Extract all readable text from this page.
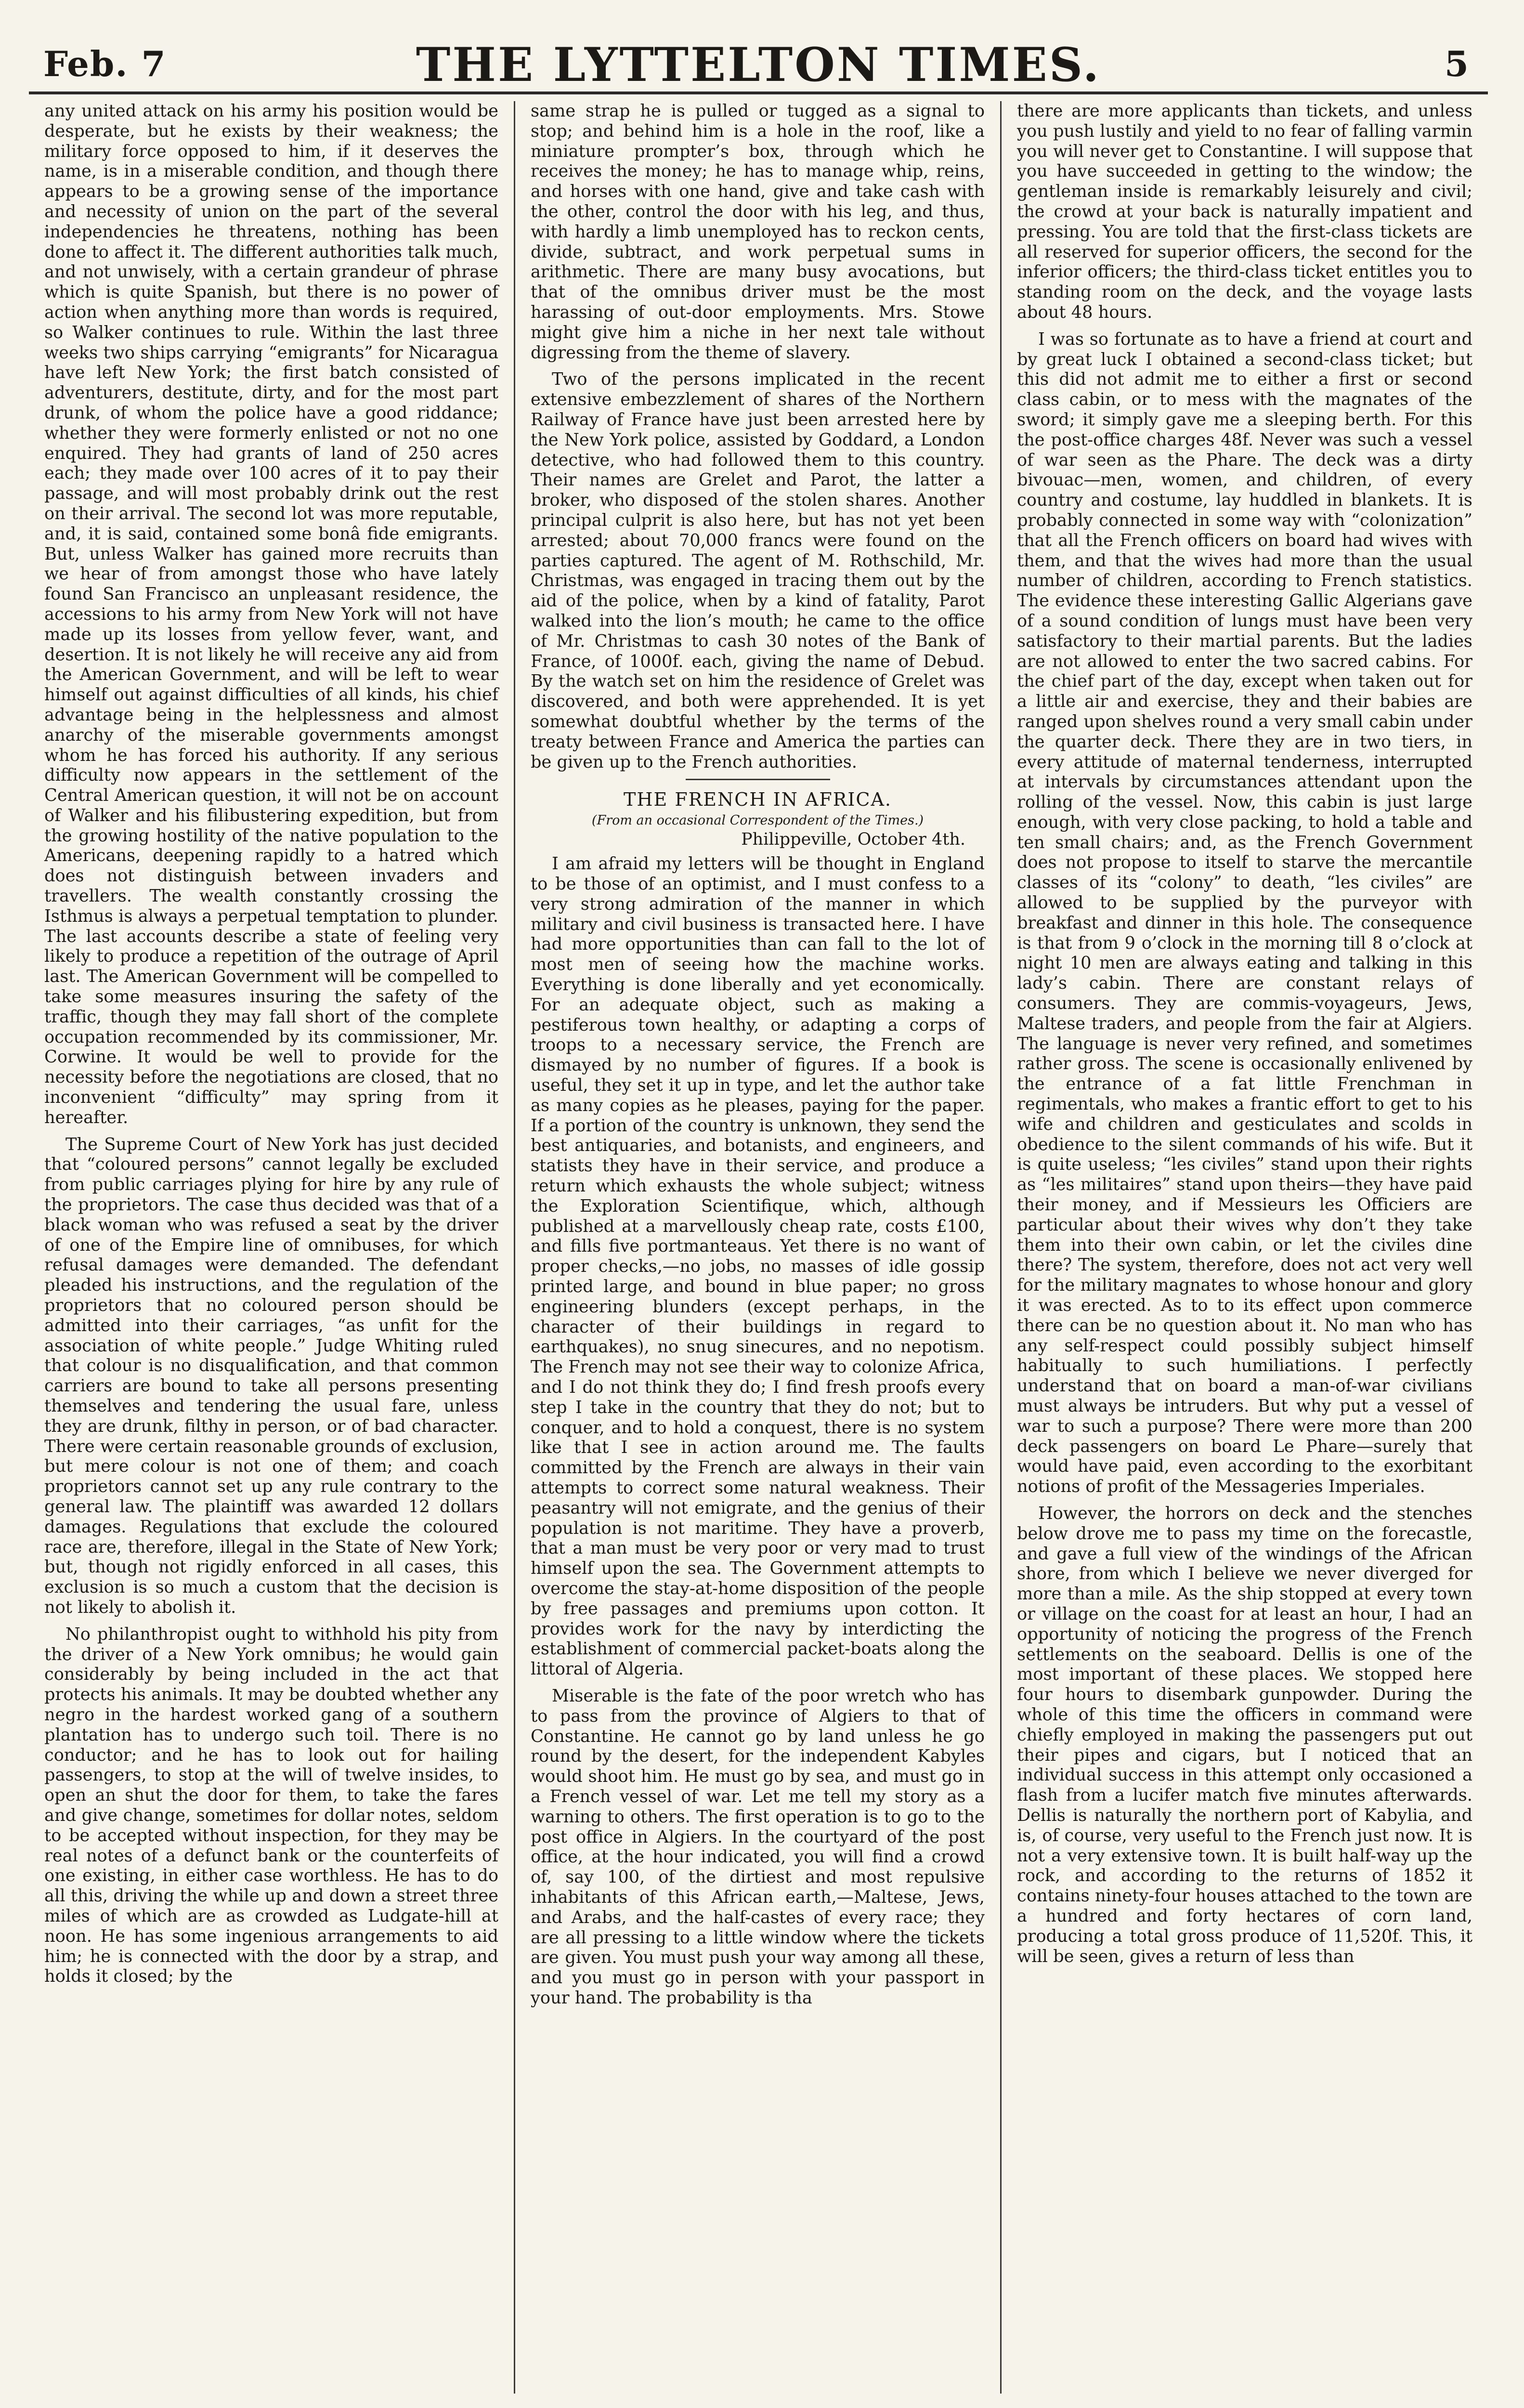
Feb. 7	THE LYTTELTON TIMES.	5

any united attack on his army his position would be desperate, but he exists by their weakness; the military force opposed to him, if it deserves the name, is in a miserable condition, and though there appears to be a growing sense of the importance and necessity of union on the part of the several independencies he threatens, nothing has been done to affect it. The different authorities talk much, and not unwisely, with a certain grandeur of phrase which is quite Spanish, but there is no power of action when anything more than words is required, so Walker continues to rule. Within the last three weeks two ships carrying “emigrants” for Nicaragua have left New York; the first batch consisted of adventurers, destitute, dirty, and for the most part drunk, of whom the police have a good riddance; whether they were formerly enlisted or not no one enquired. They had grants of land of 250 acres each; they made over 100 acres of it to pay their passage, and will most probably drink out the rest on their arrival. The second lot was more reputable, and, it is said, contained some bonâ fide emigrants. But, unless Walker has gained more recruits than we hear of from amongst those who have lately found San Francisco an unpleasant residence, the accessions to his army from New York will not have made up its losses from yellow fever, want, and desertion. It is not likely he will receive any aid from the American Government, and will be left to wear himself out against difficulties of all kinds, his chief advantage being in the helplessness and almost anarchy of the miserable governments amongst whom he has forced his authority. If any serious difficulty now appears in the settlement of the Central American question, it will not be on account of Walker and his filibustering expedition, but from the growing hostility of the native population to the Americans, deepening rapidly to a hatred which does not distinguish between invaders and travellers. The wealth constantly crossing the Isthmus is always a perpetual temptation to plunder. The last accounts describe a state of feeling very likely to produce a repetition of the outrage of April last. The American Government will be compelled to take some measures insuring the safety of the traffic, though they may fall short of the complete occupation recommended by its commissioner, Mr. Corwine. It would be well to provide for the necessity before the negotiations are closed, that no inconvenient “difficulty” may spring from it hereafter.

The Supreme Court of New York has just decided that “coloured persons” cannot legally be excluded from public carriages plying for hire by any rule of the proprietors. The case thus decided was that of a black woman who was refused a seat by the driver of one of the Empire line of omnibuses, for which refusal damages were demanded. The defendant pleaded his instructions, and the regulation of the proprietors that no coloured person should be admitted into their carriages, “as unfit for the association of white people.” Judge Whiting ruled that colour is no disqualification, and that common carriers are bound to take all persons presenting themselves and tendering the usual fare, unless they are drunk, filthy in person, or of bad character. There were certain reasonable grounds of exclusion, but mere colour is not one of them; and coach proprietors cannot set up any rule contrary to the general law. The plaintiff was awarded 12 dollars damages. Regulations that exclude the coloured race are, therefore, illegal in the State of New York; but, though not rigidly enforced in all cases, this exclusion is so much a custom that the decision is not likely to abolish it.

No philanthropist ought to withhold his pity from the driver of a New York omnibus; he would gain considerably by being included in the act that protects his animals. It may be doubted whether any negro in the hardest worked gang of a southern plantation has to undergo such toil. There is no conductor; and he has to look out for hailing passengers, to stop at the will of twelve insides, to open an shut the door for them, to take the fares and give change, sometimes for dollar notes, seldom to be accepted without inspection, for they may be real notes of a defunct bank or the counterfeits of one existing, in either case worthless. He has to do all this, driving the while up and down a street three miles of which are as crowded as Ludgate-hill at noon. He has some ingenious arrangements to aid him; he is connected with the door by a strap, and holds it closed; by the

same strap he is pulled or tugged as a signal to stop; and behind him is a hole in the roof, like a miniature prompter’s box, through which he receives the money; he has to manage whip, reins, and horses with one hand, give and take cash with the other, control the door with his leg, and thus, with hardly a limb unemployed has to reckon cents, divide, subtract, and work perpetual sums in arithmetic. There are many busy avocations, but that of the omnibus driver must be the most harassing of out-door employments. Mrs. Stowe might give him a niche in her next tale without digressing from the theme of slavery.

Two of the persons implicated in the recent extensive embezzlement of shares of the Northern Railway of France have just been arrested here by the New York police, assisted by Goddard, a London detective, who had followed them to this country. Their names are Grelet and Parot, the latter a broker, who disposed of the stolen shares. Another principal culprit is also here, but has not yet been arrested; about 70,000 francs were found on the parties captured. The agent of M. Rothschild, Mr. Christmas, was engaged in tracing them out by the aid of the police, when by a kind of fatality, Parot walked into the lion’s mouth; he came to the office of Mr. Christmas to cash 30 notes of the Bank of France, of 1000f. each, giving the name of Debud. By the watch set on him the residence of Grelet was discovered, and both were apprehended. It is yet somewhat doubtful whether by the terms of the treaty between France and America the parties can be given up to the French authorities.

THE FRENCH IN AFRICA.
(From an occasional Correspondent of the Times.)
Philippeville, October 4th.

I am afraid my letters will be thought in England to be those of an optimist, and I must confess to a very strong admiration of the manner in which military and civil business is transacted here. I have had more opportunities than can fall to the lot of most men of seeing how the machine works. Everything is done liberally and yet economically. For an adequate object, such as making a pestiferous town healthy, or adapting a corps of troops to a necessary service, the French are dismayed by no number of figures. If a book is useful, they set it up in type, and let the author take as many copies as he pleases, paying for the paper. If a portion of the country is unknown, they send the best antiquaries, and botanists, and engineers, and statists they have in their service, and produce a return which exhausts the whole subject; witness the Exploration Scientifique, which, although published at a marvellously cheap rate, costs £100, and fills five portmanteaus. Yet there is no want of proper checks,—no jobs, no masses of idle gossip printed large, and bound in blue paper; no gross engineering blunders (except perhaps, in the character of their buildings in regard to earthquakes), no snug sinecures, and no nepotism. The French may not see their way to colonize Africa, and I do not think they do; I find fresh proofs every step I take in the country that they do not; but to conquer, and to hold a conquest, there is no system like that I see in action around me. The faults committed by the French are always in their vain attempts to correct some natural weakness. Their peasantry will not emigrate, and the genius of their population is not maritime. They have a proverb, that a man must be very poor or very mad to trust himself upon the sea. The Government attempts to overcome the stay-at-home disposition of the people by free passages and premiums upon cotton. It provides work for the navy by interdicting the establishment of commercial packet-boats along the littoral of Algeria.

Miserable is the fate of the poor wretch who has to pass from the province of Algiers to that of Constantine. He cannot go by land unless he go round by the desert, for the independent Kabyles would shoot him. He must go by sea, and must go in a French vessel of war. Let me tell my story as a warning to others. The first operation is to go to the post office in Algiers. In the courtyard of the post office, at the hour indicated, you will find a crowd of, say 100, of the dirtiest and most repulsive inhabitants of this African earth,—Maltese, Jews, and Arabs, and the half-castes of every race; they are all pressing to a little window where the tickets are given. You must push your way among all these, and you must go in person with your passport in your hand. The probability is tha

there are more applicants than tickets, and unless you push lustily and yield to no fear of falling varmin you will never get to Constantine. I will suppose that you have succeeded in getting to the window; the gentleman inside is remarkably leisurely and civil; the crowd at your back is naturally impatient and pressing. You are told that the first-class tickets are all reserved for superior officers, the second for the inferior officers; the third-class ticket entitles you to standing room on the deck, and the voyage lasts about 48 hours.

I was so fortunate as to have a friend at court and by great luck I obtained a second-class ticket; but this did not admit me to either a first or second class cabin, or to mess with the magnates of the sword; it simply gave me a sleeping berth. For this the post-office charges 48f. Never was such a vessel of war seen as the Phare. The deck was a dirty bivouac—men, women, and children, of every country and costume, lay huddled in blankets. It is probably connected in some way with “colonization” that all the French officers on board had wives with them, and that the wives had more than the usual number of children, according to French statistics. The evidence these interesting Gallic Algerians gave of a sound condition of lungs must have been very satisfactory to their martial parents. But the ladies are not allowed to enter the two sacred cabins. For the chief part of the day, except when taken out for a little air and exercise, they and their babies are ranged upon shelves round a very small cabin under the quarter deck. There they are in two tiers, in every attitude of maternal tenderness, interrupted at intervals by circumstances attendant upon the rolling of the vessel. Now, this cabin is just large enough, with very close packing, to hold a table and ten small chairs; and, as the French Government does not propose to itself to starve the mercantile classes of its “colony” to death, “les civiles” are allowed to be supplied by the purveyor with breakfast and dinner in this hole. The consequence is that from 9 o’clock in the morning till 8 o’clock at night 10 men are always eating and talking in this lady’s cabin. There are constant relays of consumers. They are commis-voyageurs, Jews, Maltese traders, and people from the fair at Algiers. The language is never very refined, and sometimes rather gross. The scene is occasionally enlivened by the entrance of a fat little Frenchman in regimentals, who makes a frantic effort to get to his wife and children and gesticulates and scolds in obedience to the silent commands of his wife. But it is quite useless; “les civiles” stand upon their rights as “les militaires” stand upon theirs—they have paid their money, and if Messieurs les Officiers are particular about their wives why don’t they take them into their own cabin, or let the civiles dine there? The system, therefore, does not act very well for the military magnates to whose honour and glory it was erected. As to to its effect upon commerce there can be no question about it. No man who has any self-respect could possibly subject himself habitually to such humiliations. I perfectly understand that on board a man-of-war civilians must always be intruders. But why put a vessel of war to such a purpose? There were more than 200 deck passengers on board Le Phare—surely that would have paid, even according to the exorbitant notions of profit of the Messageries Imperiales.

However, the horrors on deck and the stenches below drove me to pass my time on the forecastle, and gave a full view of the windings of the African shore, from which I believe we never diverged for more than a mile. As the ship stopped at every town or village on the coast for at least an hour, I had an opportunity of noticing the progress of the French settlements on the seaboard. Dellis is one of the most important of these places. We stopped here four hours to disembark gunpowder. During the whole of this time the officers in command were chiefly employed in making the passengers put out their pipes and cigars, but I noticed that an individual success in this attempt only occasioned a flash from a lucifer match five minutes afterwards. Dellis is naturally the northern port of Kabylia, and is, of course, very useful to the French just now. It is not a very extensive town. It is built half-way up the rock, and according to the returns of 1852 it contains ninety-four houses attached to the town are a hundred and forty hectares of corn land, producing a total gross produce of 11,520f. This, it will be seen, gives a return of less than
